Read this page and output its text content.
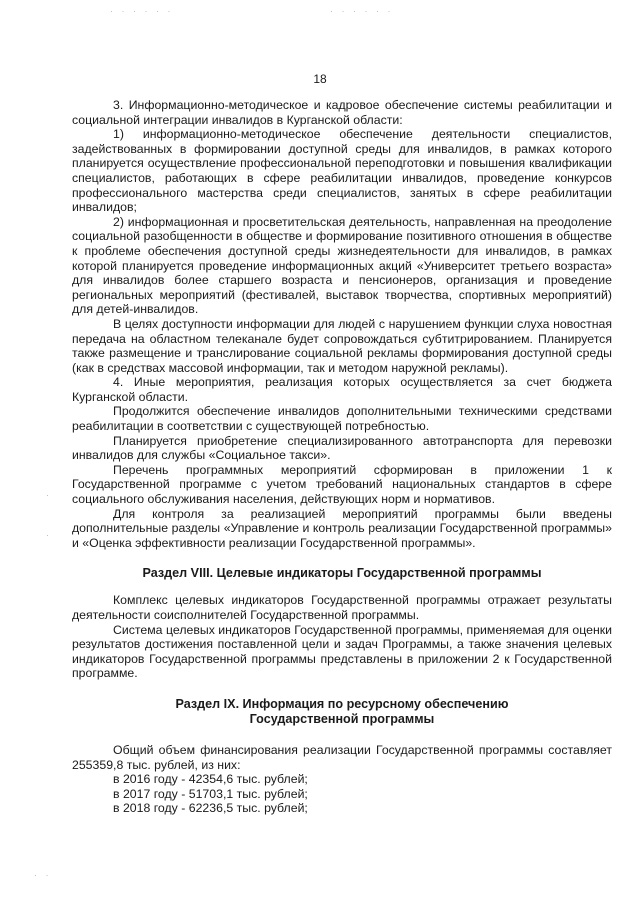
· · · · · ·	· · · · · ·
·
·
· ·
18

3. Информационно-методическое и кадровое обеспечение системы реабилитации и социальной интеграции инвалидов в Курганской области:

1) информационно-методическое обеспечение деятельности специалистов, задействованных в формировании доступной среды для инвалидов, в рамках которого планируется осуществление профессиональной переподготовки и повышения квалификации специалистов, работающих в сфере реабилитации инвалидов, проведение конкурсов профессионального мастерства среди специалистов, занятых в сфере реабилитации инвалидов;

2) информационная и просветительская деятельность, направленная на преодоление социальной разобщенности в обществе и формирование позитивного отношения в обществе к проблеме обеспечения доступной среды жизнедеятельности для инвалидов, в рамках которой планируется проведение информационных акций «Университет третьего возраста» для инвалидов более старшего возраста и пенсионеров, организация и проведение региональных мероприятий (фестивалей, выставок творчества, спортивных мероприятий) для детей-инвалидов.

В целях доступности информации для людей с нарушением функции слуха новостная передача на областном телеканале будет сопровождаться субтитрированием. Планируется также размещение и транслирование социальной рекламы формирования доступной среды (как в средствах массовой информации, так и методом наружной рекламы).

4. Иные мероприятия, реализация которых осуществляется за счет бюджета Курганской области.

Продолжится обеспечение инвалидов дополнительными техническими средствами реабилитации в соответствии с существующей потребностью.

Планируется приобретение специализированного автотранспорта для перевозки инвалидов для службы «Социальное такси».

Перечень программных мероприятий сформирован в приложении 1 к Государственной программе с учетом требований национальных стандартов в сфере социального обслуживания населения, действующих норм и нормативов.

Для контроля за реализацией мероприятий программы были введены дополнительные разделы «Управление и контроль реализации Государственной программы» и «Оценка эффективности реализации Государственной программы».

Раздел VIII. Целевые индикаторы Государственной программы

Комплекс целевых индикаторов Государственной программы отражает результаты деятельности соисполнителей Государственной программы.

Система целевых индикаторов Государственной программы, применяемая для оценки результатов достижения поставленной цели и задач Программы, а также значения целевых индикаторов Государственной программы представлены в приложении 2 к Государственной программе.

Раздел IX. Информация по ресурсному обеспечению

Государственной программы

Общий объем финансирования реализации Государственной программы составляет 255359,8 тыс. рублей, из них:

в 2016 году - 42354,6 тыс. рублей;

в 2017 году - 51703,1 тыс. рублей;

в 2018 году - 62236,5 тыс. рублей;
